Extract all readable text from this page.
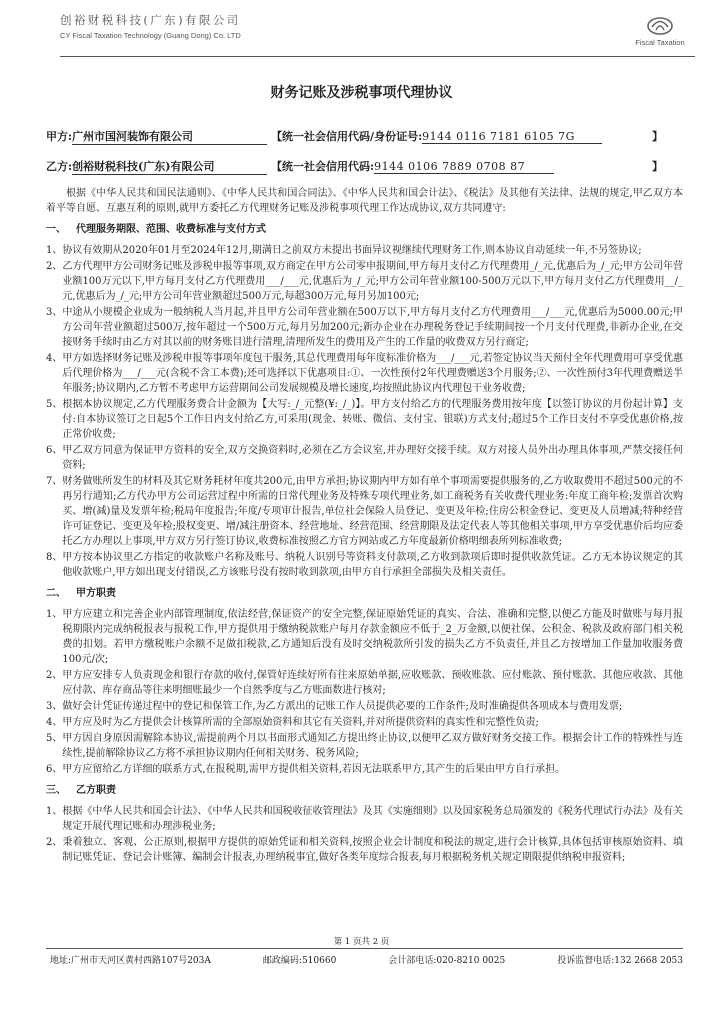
创裕财税科技(广东)有限公司
CY Fiscal Taxation Technology (Guang Dong) Co. LTD
Fiscal Taxation
财务记账及涉税事项代理协议
甲方:广州市国河装饰有限公司	【统一社会信用代码/身份证号:9144 0116 7181 6105 7G	】
乙方:创裕财税科技(广东)有限公司	【统一社会信用代码:9144 0106 7889 0708 87	】

根据《中华人民共和国民法通则》、《中华人民共和国合同法》、《中华人民共和国会计法》、《税法》及其他有关法律、法规的规定,甲乙双方本着平等自愿、互惠互利的原则,就甲方委托乙方代理财务记账及涉税事项代理工作达成协议,双方共同遵守:

一、 代理服务期限、范围、收费标准与支付方式
1、 协议有效期从2020年01月至2024年12月,期满日之前双方未提出书面异议视继续代理财务工作,则本协议自动延续一年,不另签协议;
2、 乙方代理甲方公司财务记账及涉税申报等事项,双方商定在甲方公司零申报期间,甲方每月支付乙方代理费用_/_元,优惠后为_/_元;甲方公司年营业额100万元以下,甲方每月支付乙方代理费用___/___元,优惠后为_/_元;甲方公司年营业额100-500万元以下,甲方每月支付乙方代理费用__/_元,优惠后为_/_元;甲方公司年营业额超过500万元,每超300万元,每月另加100元;
3、 中途从小规模企业成为一般纳税人当月起,并且甲方公司年营业额在500万以下,甲方每月支付乙方代理费用___/___元,优惠后为5000.00元;甲方公司年营业额超过500万,按年超过一个500万元,每月另加200元;新办企业在办理税务登记手续期间按一个月支付代理费,非新办企业,在交接财务手续时由乙方对其以前的财务账目进行清理,清理所发生的费用及产生的工作量的收费双方另行商定;
4、 甲方如选择财务记账及涉税申报等事项年度包干服务,其总代理费用每年度标准价格为___/___元,若签定协议当天预付全年代理费用可享受优惠后代理价格为___/___元(含税不含工本费);还可选择以下优惠项目:①、一次性预付2年代理费赠送3个月服务;②、一次性预付3年代理费赠送半年服务;协议期内,乙方暂不考虑甲方运营期间公司发展规模及增长速度,均按照此协议内代理包干业务收费;
5、 根据本协议规定,乙方代理服务费合计金额为【大写:_/_元整(¥:_/_)】。甲方支付给乙方的代理服务费用按年度【以签订协议的月份起计算】支付:自本协议签订之日起5个工作日内支付给乙方,可采用(现金、转账、微信、支付宝、银联)方式支付;超过5个工作日支付不享受优惠价格,按正常价收费;
6、 甲乙双方同意为保证甲方资料的安全,双方交换资料时,必须在乙方会议室,并办理好交接手续。双方对接人员外出办理具体事项,严禁交接任何资料;
7、 财务做账所发生的材料及其它财务耗材年度共200元,由甲方承担;协议期内甲方如有单个事项需要提供服务的,乙方收取费用不超过500元的不再另行通知;乙方代办甲方公司运营过程中所需的日常代理业务及特殊专项代理业务,如工商税务有关收费代理业务:年度工商年检;发票首次购买、增(减)量及发票年检;税局年度报告;年度/专项审计报告,单位社会保险人员登记、变更及年检;住房公积金登记、变更及人员增减;特种经营许可证登记、变更及年检;股权变更、增/减注册资本、经营地址、经营范围、经营期限及法定代表人等其他相关事项,甲方享受优惠价后均应委托乙方办理以上事项,甲方双方另行签订协议,收费标准按照乙方官方网站或乙方年度最新价格明细表所列标准收费;
8、 甲方按本协议里乙方指定的收款账户名称及账号、纳税人识别号等资料支付款项,乙方收到款项后即时提供收款凭证。乙方无本协议规定的其他收款账户,甲方如出现支付错误,乙方该账号没有按时收到款项,由甲方自行承担全部损失及相关责任。
二、 甲方职责
1、 甲方应建立和完善企业内部管理制度,依法经营,保证资产的安全完整,保证原始凭证的真实、合法、准确和完整,以便乙方能及时做账与每月报税期限内完成纳税报表与报税工作,甲方提供用于缴纳税款账户每月存款金额应不低于_2_万金额,以便社保、公积金、税款及政府部门相关税费的扣划。若甲方缴税账户余额不足做扣税款,乙方通知后没有及时交纳税款所引发的损失乙方不负责任,并且乙方按增加工作量加收服务费100元/次;
2、 甲方应安排专人负责现金和银行存款的收付,保管好连续好所有往来原始单据,应收账款、预收账款、应付账款、预付账款、其他应收款、其他应付款、库存商品等往来明细账最少一个自然季度与乙方账面数进行核对;
3、 做好会计凭证传递过程中的登记和保管工作,为乙方派出的记账工作人员提供必要的工作条件;及时准确提供各项成本与费用发票;
4、 甲方应及时为乙方提供会计核算所需的全部原始资料和其它有关资料,并对所提供资料的真实性和完整性负责;
5、 甲方因自身原因需解除本协议,需提前两个月以书面形式通知乙方提出终止协议,以便甲乙双方做好财务交接工作。根据会计工作的特殊性与连续性,提前解除协议乙方将不承担协议期内任何相关财务、税务风险;
6、 甲方应留给乙方详细的联系方式,在报税期,需甲方提供相关资料,若因无法联系甲方,其产生的后果由甲方自行承担。
三、 乙方职责
1、 根据《中华人民共和国会计法》、《中华人民共和国税收征收管理法》及其《实施细则》以及国家税务总局颁发的《税务代理试行办法》及有关规定开展代理记账和办理涉税业务;
2、 秉着独立、客观、公正原则,根据甲方提供的原始凭证和相关资料,按照企业会计制度和税法的规定,进行会计核算,具体包括审核原始资料、填制记账凭证、登记会计账簿、编制会计报表,办理纳税事宜,做好各类年度综合报表,每月根据税务机关规定期限提供纳税申报资料;
第 1 页共 2 页
地址:广州市天河区黄村西路107号203A	邮政编码:510660	会计部电话:020-8210 0025	投诉监督电话:132 2668 2053
